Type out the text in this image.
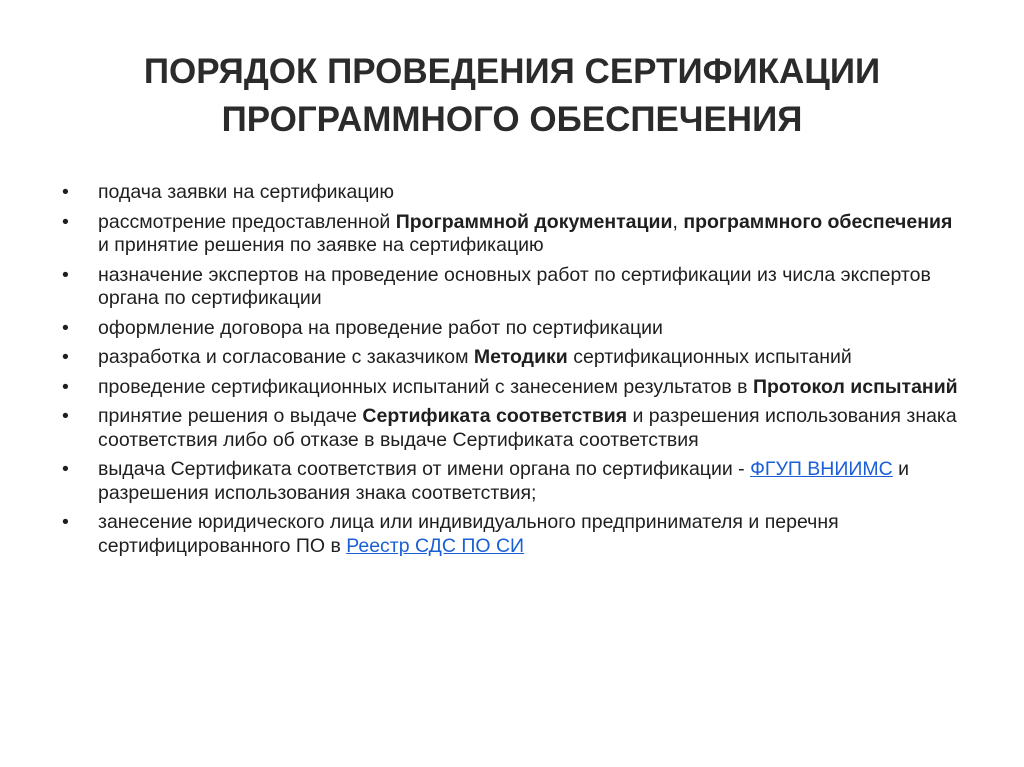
ПОРЯДОК ПРОВЕДЕНИЯ СЕРТИФИКАЦИИ
ПРОГРАММНОГО ОБЕСПЕЧЕНИЯ
•	подача заявки на сертификацию
•	рассмотрение предоставленной Программной документации, программного обеспечения и принятие решения по заявке на сертификацию
•	назначение экспертов на проведение основных работ по сертификации из числа экспертов органа по сертификации
•	оформление договора на проведение работ по сертификации
•	разработка и согласование с заказчиком Методики сертификационных испытаний
•	проведение сертификационных испытаний с занесением результатов в Протокол испытаний
•	принятие решения о выдаче Сертификата соответствия и разрешения использования знака соответствия либо об отказе в выдаче Сертификата соответствия
•	выдача Сертификата соответствия от имени органа по сертификации - ФГУП ВНИИМС и разрешения использования знака соответствия;
•	занесение юридического лица или индивидуального предпринимателя и перечня сертифицированного ПО в Реестр СДС ПО СИ
